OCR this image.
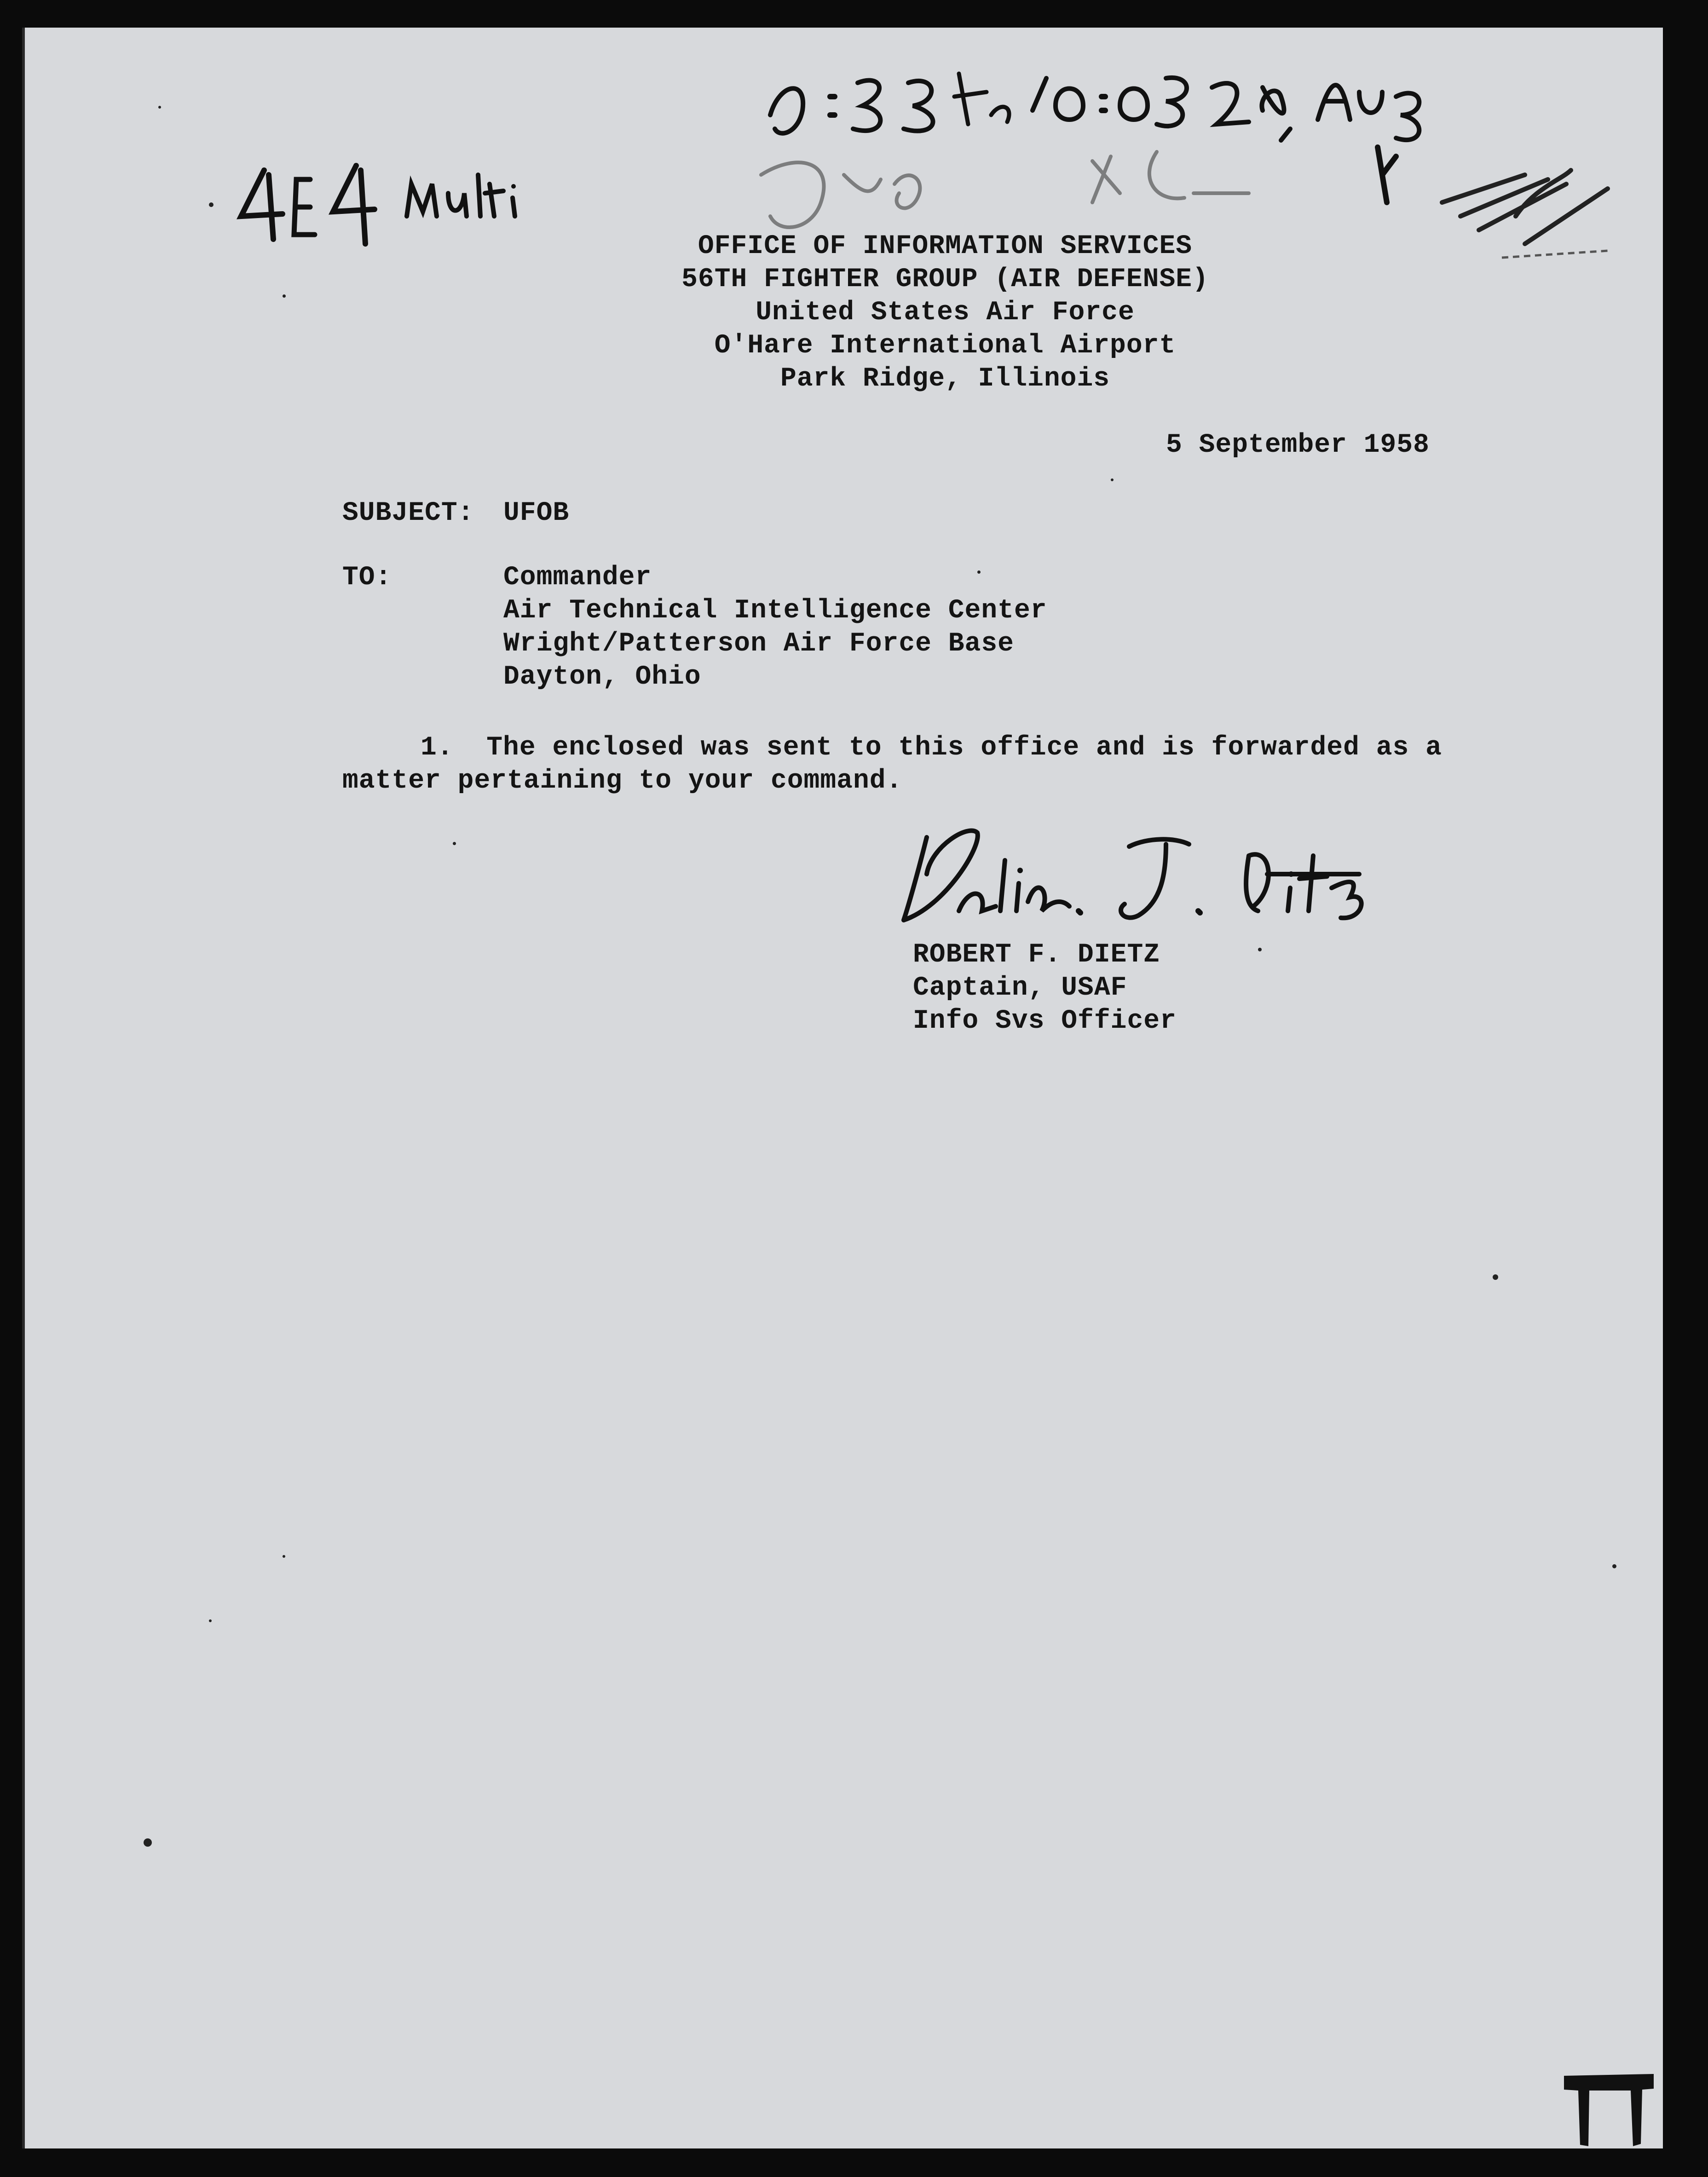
OFFICE OF INFORMATION SERVICES
56TH FIGHTER GROUP (AIR DEFENSE)
United States Air Force
O'Hare International Airport
Park Ridge, Illinois
5 September 1958
SUBJECT: UFOB
TO:	Commander
Air Technical Intelligence Center
Wright/Patterson Air Force Base
Dayton, Ohio
1.  The enclosed was sent to this office and is forwarded as a
matter pertaining to your command.
ROBERT F. DIETZ
Captain, USAF
Info Svs Officer
